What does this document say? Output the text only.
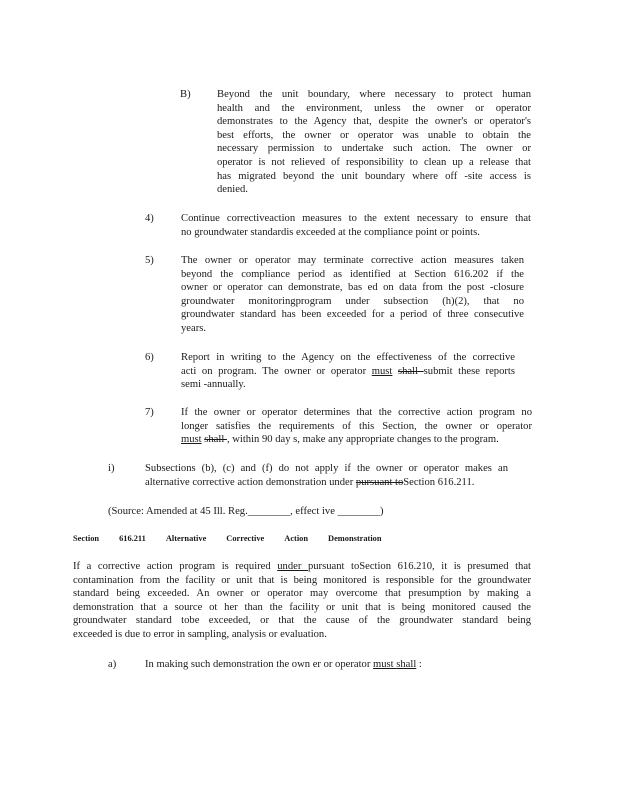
B) Beyond the unit boundary, where necessary to protect human
health and the environment, unless the owner or operator
demonstrates to the Agency that, despite the owner's or operator's
best efforts, the owner or operator was unable to obtain the
necessary permission to undertake such action. The owner or
operator is not relieved of responsibility to clean up a release that
has migrated beyond the unit boundary where off -site access is
denied.
4)	Continue correctiveaction measures to the extent necessary to ensure that
no groundwater standardis exceeded at the compliance point or points.
5)	The owner or operator may terminate corrective action measures taken
beyond the compliance period as identified at Section 616.202 if the
owner or operator can demonstrate, bas ed on data from the post -closure
groundwater monitoringprogram under subsection (h)(2), that no
groundwater standard has been exceeded for a period of three consecutive
years.
6)	Report in writing to the Agency on the effectiveness of the corrective
acti on program. The owner or operator must shall submit these reports
semi -annually.
7)	If the owner or operator determines that the corrective action program no
longer satisfies the requirements of this Section, the owner or operator
must shall , within 90 day s, make any appropriate changes to the program.
i)	Subsections (b), (c) and (f) do not apply if the owner or operator makes an
alternative corrective action demonstration under pursuant toSection 616.211.
(Source: Amended at 45 Ill. Reg.________, effect ive ________)
Section 616.211 Alternative Corrective Action Demonstration
If a corrective action program is required under pursuant toSection 616.210, it is presumed that
contamination from the facility or unit that is being monitored is responsible for the groundwater
standard being exceeded. An owner or operator may overcome that presumption by making a
demonstration that a source ot her than the facility or unit that is being monitored caused the
groundwater standard tobe exceeded, or that the cause of the groundwater standard being
exceeded is due to error in sampling, analysis or evaluation.
a)	In making such demonstration the own er or operator must shall :
